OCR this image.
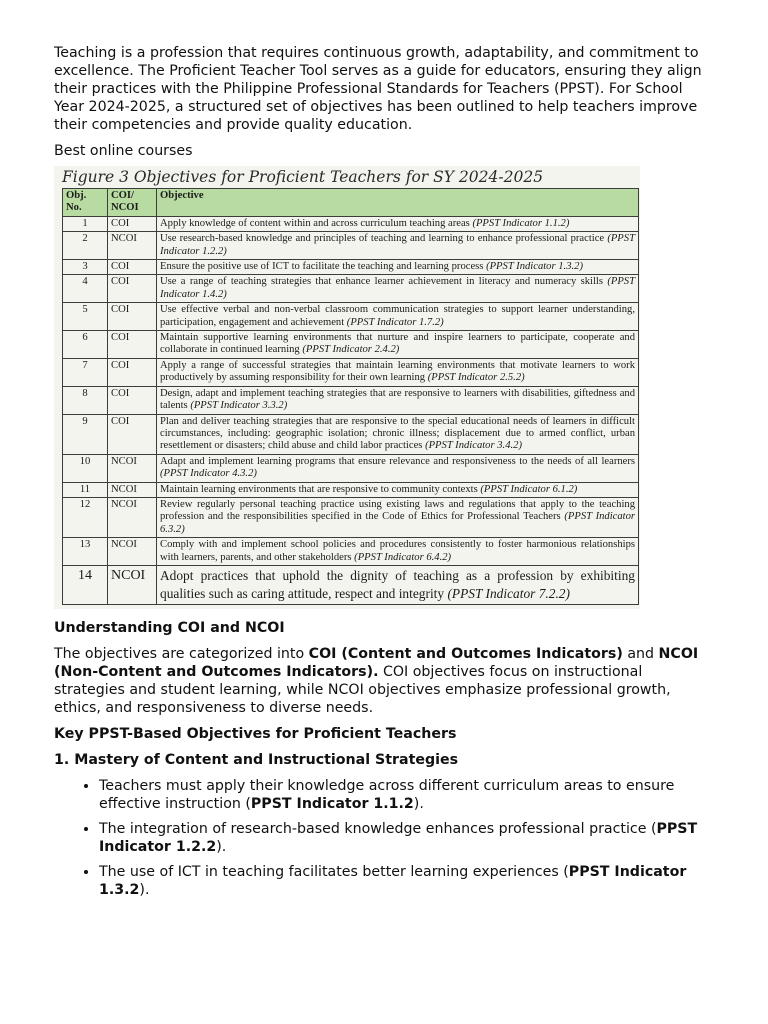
Teaching is a profession that requires continuous growth, adaptability, and commitment to excellence. The Proficient Teacher Tool serves as a guide for educators, ensuring they align their practices with the Philippine Professional Standards for Teachers (PPST). For School Year 2024-2025, a structured set of objectives has been outlined to help teachers improve their competencies and provide quality education.

Best online courses

Figure 3 Objectives for Proficient Teachers for SY 2024-2025
Obj. No.	COI/ NCOI	Objective
1	COI	Apply knowledge of content within and across curriculum teaching areas (PPST Indicator 1.1.2)
2	NCOI	Use research-based knowledge and principles of teaching and learning to enhance professional practice (PPST Indicator 1.2.2)
3	COI	Ensure the positive use of ICT to facilitate the teaching and learning process (PPST Indicator 1.3.2)
4	COI	Use a range of teaching strategies that enhance learner achievement in literacy and numeracy skills (PPST Indicator 1.4.2)
5	COI	Use effective verbal and non-verbal classroom communication strategies to support learner understanding, participation, engagement and achievement (PPST Indicator 1.7.2)
6	COI	Maintain supportive learning environments that nurture and inspire learners to participate, cooperate and collaborate in continued learning (PPST Indicator 2.4.2)
7	COI	Apply a range of successful strategies that maintain learning environments that motivate learners to work productively by assuming responsibility for their own learning (PPST Indicator 2.5.2)
8	COI	Design, adapt and implement teaching strategies that are responsive to learners with disabilities, giftedness and talents (PPST Indicator 3.3.2)
9	COI	Plan and deliver teaching strategies that are responsive to the special educational needs of learners in difficult circumstances, including: geographic isolation; chronic illness; displacement due to armed conflict, urban resettlement or disasters; child abuse and child labor practices (PPST Indicator 3.4.2)
10	NCOI	Adapt and implement learning programs that ensure relevance and responsiveness to the needs of all learners (PPST Indicator 4.3.2)
11	NCOI	Maintain learning environments that are responsive to community contexts (PPST Indicator 6.1.2)
12	NCOI	Review regularly personal teaching practice using existing laws and regulations that apply to the teaching profession and the responsibilities specified in the Code of Ethics for Professional Teachers (PPST Indicator 6.3.2)
13	NCOI	Comply with and implement school policies and procedures consistently to foster harmonious relationships with learners, parents, and other stakeholders (PPST Indicator 6.4.2)
14	NCOI	Adopt practices that uphold the dignity of teaching as a profession by exhibiting qualities such as caring attitude, respect and integrity (PPST Indicator 7.2.2)
Understanding COI and NCOI

The objectives are categorized into COI (Content and Outcomes Indicators) and NCOI (Non-Content and Outcomes Indicators). COI objectives focus on instructional strategies and student learning, while NCOI objectives emphasize professional growth, ethics, and responsiveness to diverse needs.

Key PPST-Based Objectives for Proficient Teachers
1. Mastery of Content and Instructional Strategies
• Teachers must apply their knowledge across different curriculum areas to ensure effective instruction (PPST Indicator 1.1.2).
• The integration of research-based knowledge enhances professional practice (PPST Indicator 1.2.2).
• The use of ICT in teaching facilitates better learning experiences (PPST Indicator 1.3.2).
